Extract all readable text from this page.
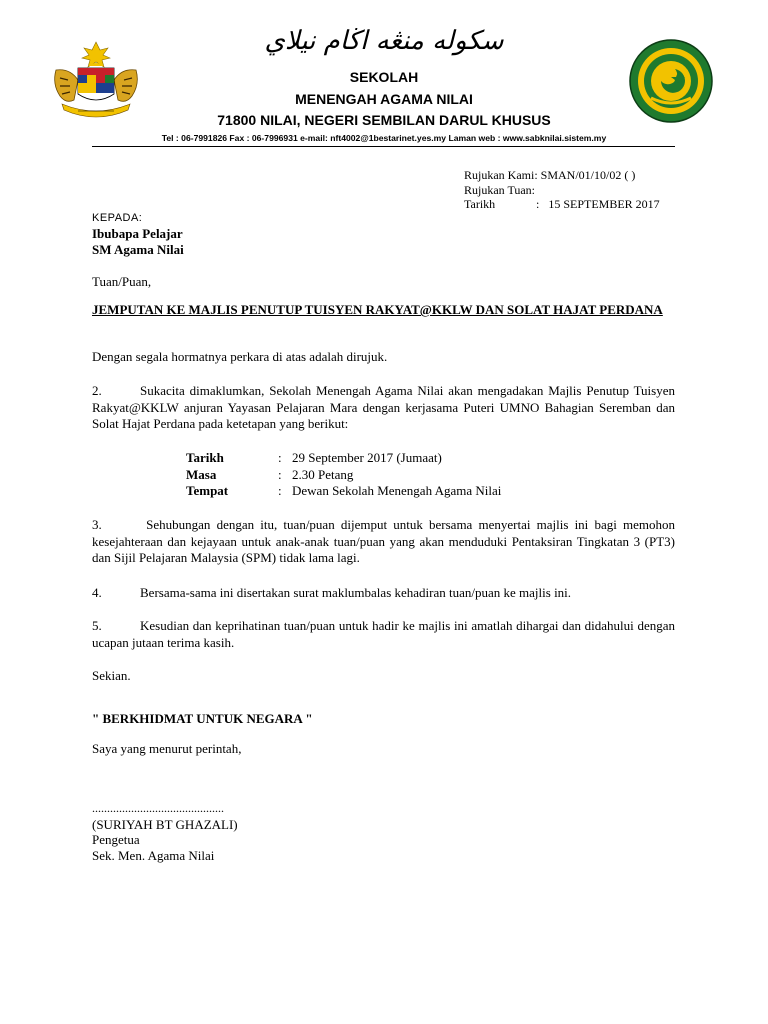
✦ ✦ ✦
سكوله منڠه اڬام نيلاي
SEKOLAH
MENENGAH AGAMA NILAI
71800 NILAI, NEGERI SEMBILAN DARUL KHUSUS
Tel : 06-7991826 Fax : 06-7996931 e-mail: nft4002@1bestarinet.yes.my Laman web : www.sabknilai.sistem.my
Rujukan Kami:
SMAN/01/10/02 ( )
Rujukan Tuan:
Tarikh	:   15 SEPTEMBER 2017
KEPADA:
Ibubapa Pelajar
SM Agama Nilai
Tuan/Puan,
JEMPUTAN KE MAJLIS PENUTUP TUISYEN RAKYAT@KKLW DAN SOLAT HAJAT PERDANA
Dengan segala hormatnya perkara di atas adalah dirujuk.
2.	Sukacita dimaklumkan, Sekolah Menengah Agama Nilai akan mengadakan Majlis Penutup Tuisyen Rakyat@KKLW anjuran Yayasan Pelajaran Mara dengan kerjasama Puteri UMNO Bahagian Seremban dan Solat Hajat Perdana pada ketetapan yang berikut:
Tarikh	: 29 September 2017 (Jumaat)
Masa	: 2.30 Petang
Tempat	: Dewan Sekolah Menengah Agama Nilai
3.	Sehubungan dengan itu, tuan/puan dijemput untuk bersama menyertai majlis ini bagi memohon kesejahteraan dan kejayaan untuk anak-anak tuan/puan yang akan menduduki Pentaksiran Tingkatan 3 (PT3) dan Sijil Pelajaran Malaysia (SPM) tidak lama lagi.
4.	Bersama-sama ini disertakan surat maklumbalas kehadiran tuan/puan ke majlis ini.
5.	Kesudian dan keprihatinan tuan/puan untuk hadir ke majlis ini amatlah dihargai dan didahului dengan ucapan jutaan terima kasih.
Sekian.
" BERKHIDMAT UNTUK NEGARA "
Saya yang menurut perintah,
............................................
(SURIYAH BT GHAZALI)
Pengetua
Sek. Men. Agama Nilai
